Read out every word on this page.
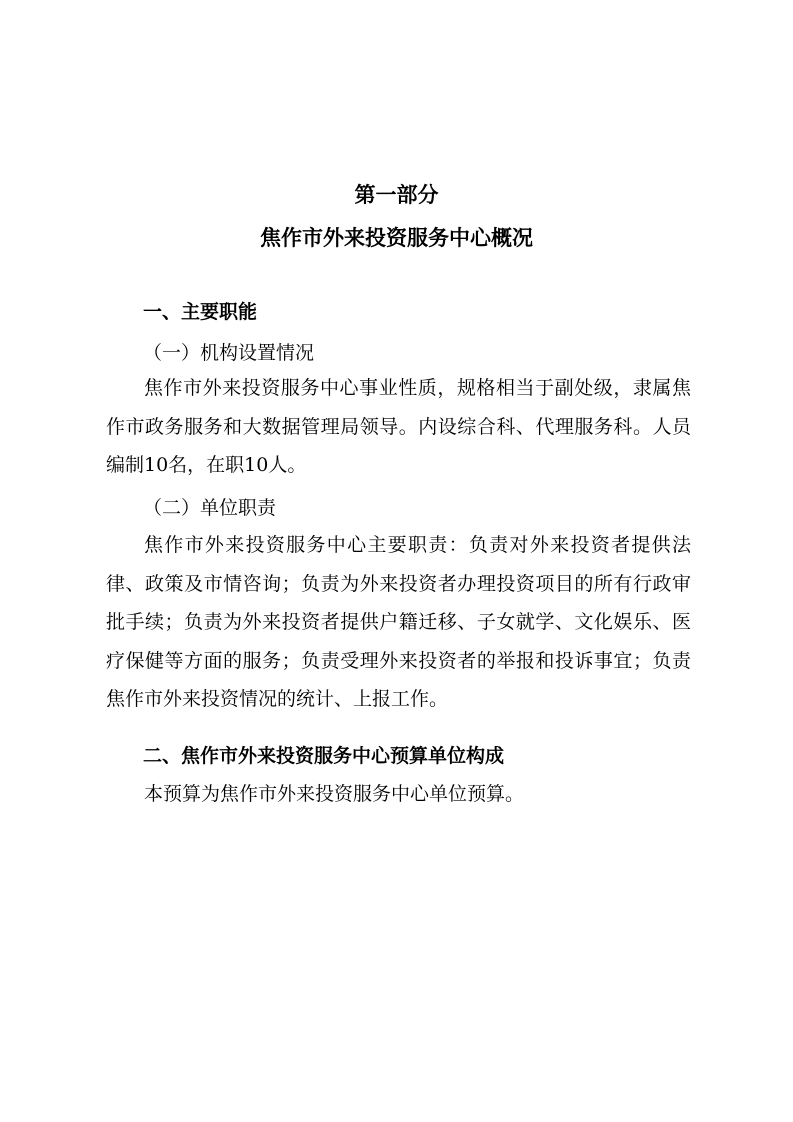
第一部分
焦作市外来投资服务中心概况
一、主要职能
（一）机构设置情况

焦作市外来投资服务中心事业性质，规格相当于副处级，隶属焦作市政务服务和大数据管理局领导。内设综合科、代理服务科。人员编制10名，在职10人。

（二）单位职责

焦作市外来投资服务中心主要职责：负责对外来投资者提供法律、政策及市情咨询；负责为外来投资者办理投资项目的所有行政审批手续；负责为外来投资者提供户籍迁移、子女就学、文化娱乐、医疗保健等方面的服务；负责受理外来投资者的举报和投诉事宜；负责焦作市外来投资情况的统计、上报工作。

二、焦作市外来投资服务中心预算单位构成

本预算为焦作市外来投资服务中心单位预算。
